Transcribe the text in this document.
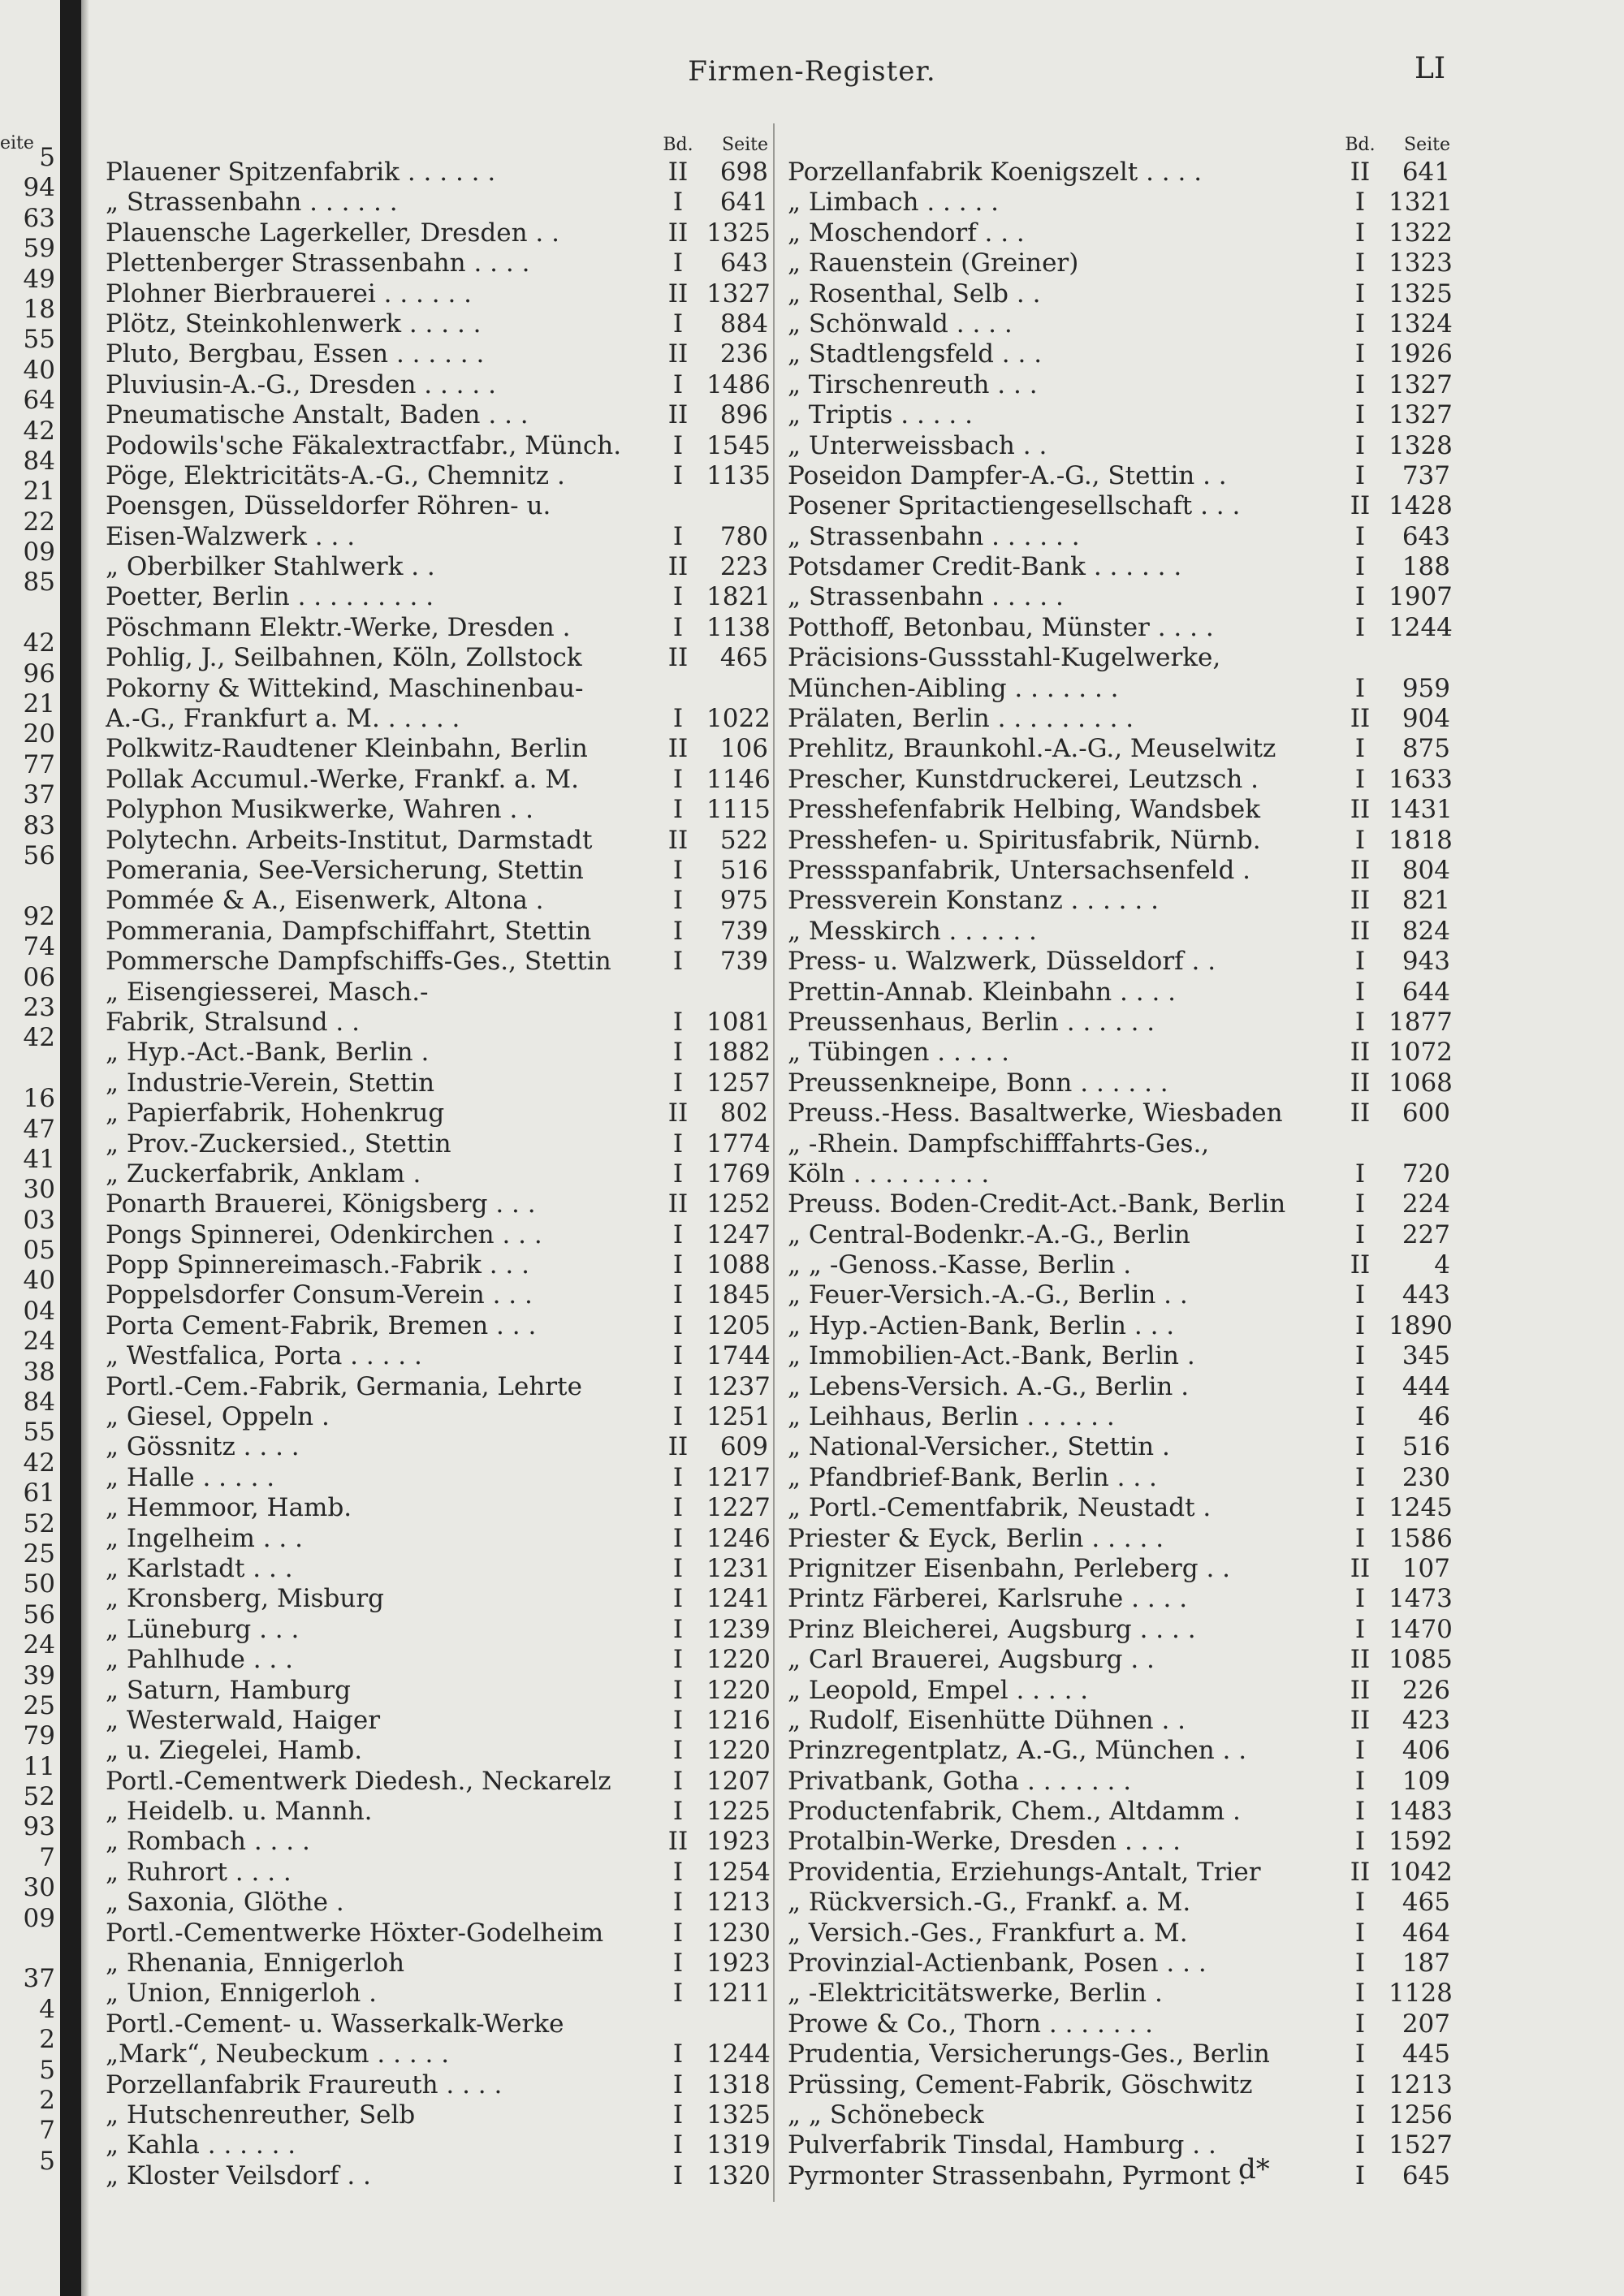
eite 5
94
63
59
49
18
55
40
64
42
84
21
22
09
85
42
96
21
20
77
37
83
56
92
74
06
23
42
16
47
41
30
03
05
40
04
24
38
84
55
42
61
52
25
50
56
24
39
25
79
11
52
93
7
30
09
37
4
2
5
2
7
5
Firmen-Register.	LI
Bd.	Seite
Plauener Spitzenfabrik . . . . . .	II	698
„ Strassenbahn . . . . . .	I	641
Plauensche Lagerkeller, Dresden . .	II 1325
Plettenberger Strassenbahn . . . .	I	643
Plohner Bierbrauerei . . . . . .	II 1327
Plötz, Steinkohlenwerk . . . . .	I	884
Pluto, Bergbau, Essen . . . . . .	II	236
Pluviusin-A.-G., Dresden . . . . .	I 1486
Pneumatische Anstalt, Baden . . .	II	896
Podowils'sche Fäkalextractfabr., Münch.	I 1545
Pöge, Elektricitäts-A.-G., Chemnitz .	I 1135
Poensgen, Düsseldorfer Röhren- u.
Eisen-Walzwerk . . .	I	780
„ Oberbilker Stahlwerk . .	II	223
Poetter, Berlin . . . . . . . . .	I 1821
Pöschmann Elektr.-Werke, Dresden .	I 1138
Pohlig, J., Seilbahnen, Köln, Zollstock	II	465
Pokorny & Wittekind, Maschinenbau-
A.-G., Frankfurt a. M. . . . . .	I 1022
Polkwitz-Raudtener Kleinbahn, Berlin	II	106
Pollak Accumul.-Werke, Frankf. a. M.	I 1146
Polyphon Musikwerke, Wahren . .	I 1115
Polytechn. Arbeits-Institut, Darmstadt	II	522
Pomerania, See-Versicherung, Stettin	I	516
Pommée & A., Eisenwerk, Altona .	I	975
Pommerania, Dampfschiffahrt, Stettin	I	739
Pommersche Dampfschiffs-Ges., Stettin	I	739
„ Eisengiesserei, Masch.-
Fabrik, Stralsund . .	I 1081
„ Hyp.-Act.-Bank, Berlin .	I 1882
„ Industrie-Verein, Stettin	I 1257
„ Papierfabrik, Hohenkrug	II	802
„ Prov.-Zuckersied., Stettin	I 1774
„ Zuckerfabrik, Anklam .	I 1769
Ponarth Brauerei, Königsberg . . .	II 1252
Pongs Spinnerei, Odenkirchen . . .	I 1247
Popp Spinnereimasch.-Fabrik . . .	I 1088
Poppelsdorfer Consum-Verein . . .	I 1845
Porta Cement-Fabrik, Bremen . . .	I 1205
„ Westfalica, Porta . . . . .	I 1744
Portl.-Cem.-Fabrik, Germania, Lehrte	I 1237
„ Giesel, Oppeln .	I 1251
„ Gössnitz . . . .	II	609
„ Halle . . . . .	I 1217
„ Hemmoor, Hamb.	I 1227
„ Ingelheim . . .	I 1246
„ Karlstadt . . .	I 1231
„ Kronsberg, Misburg	I 1241
„ Lüneburg . . .	I 1239
„ Pahlhude . . .	I 1220
„ Saturn, Hamburg	I 1220
„ Westerwald, Haiger	I 1216
„ u. Ziegelei, Hamb.	I 1220
Portl.-Cementwerk Diedesh., Neckarelz	I 1207
„ Heidelb. u. Mannh.	I 1225
„ Rombach . . . .	II 1923
„ Ruhrort . . . .	I 1254
„ Saxonia, Glöthe .	I 1213
Portl.-Cementwerke Höxter-Godelheim	I 1230
„ Rhenania, Ennigerloh	I 1923
„ Union, Ennigerloh .	I 1211
Portl.-Cement- u. Wasserkalk-Werke
„Mark“, Neubeckum . . . . .	I 1244
Porzellanfabrik Fraureuth . . . .	I 1318
„ Hutschenreuther, Selb	I 1325
„ Kahla . . . . . .	I 1319
„ Kloster Veilsdorf . .	I 1320
Bd.	Seite
Porzellanfabrik Koenigszelt . . . .	II	641
„ Limbach . . . . .	I 1321
„ Moschendorf . . .	I 1322
„ Rauenstein (Greiner)	I 1323
„ Rosenthal, Selb . .	I 1325
„ Schönwald . . . .	I 1324
„ Stadtlengsfeld . . .	I 1926
„ Tirschenreuth . . .	I 1327
„ Triptis . . . . .	I 1327
„ Unterweissbach . .	I 1328
Poseidon Dampfer-A.-G., Stettin . .	I	737
Posener Spritactiengesellschaft . . .	II 1428
„ Strassenbahn . . . . . .	I	643
Potsdamer Credit-Bank . . . . . .	I	188
„ Strassenbahn . . . . .	I 1907
Potthoff, Betonbau, Münster . . . .	I 1244
Präcisions-Gussstahl-Kugelwerke,
München-Aibling . . . . . . .	I	959
Prälaten, Berlin . . . . . . . . .	II	904
Prehlitz, Braunkohl.-A.-G., Meuselwitz	I	875
Prescher, Kunstdruckerei, Leutzsch .	I 1633
Presshefenfabrik Helbing, Wandsbek	II 1431
Presshefen- u. Spiritusfabrik, Nürnb.	I 1818
Pressspanfabrik, Untersachsenfeld .	II	804
Pressverein Konstanz . . . . . .	II	821
„ Messkirch . . . . . .	II	824
Press- u. Walzwerk, Düsseldorf . .	I	943
Prettin-Annab. Kleinbahn . . . .	I	644
Preussenhaus, Berlin . . . . . .	I 1877
„ Tübingen . . . . .	II 1072
Preussenkneipe, Bonn . . . . . .	II 1068
Preuss.-Hess. Basaltwerke, Wiesbaden	II	600
„ -Rhein. Dampfschifffahrts-Ges.,
Köln . . . . . . . . .	I	720
Preuss. Boden-Credit-Act.-Bank, Berlin	I	224
„ Central-Bodenkr.-A.-G., Berlin	I	227
„ „ -Genoss.-Kasse, Berlin .	II	4
„ Feuer-Versich.-A.-G., Berlin . .	I	443
„ Hyp.-Actien-Bank, Berlin . . .	I 1890
„ Immobilien-Act.-Bank, Berlin .	I	345
„ Lebens-Versich. A.-G., Berlin .	I	444
„ Leihhaus, Berlin . . . . . .	I	46
„ National-Versicher., Stettin .	I	516
„ Pfandbrief-Bank, Berlin . . .	I	230
„ Portl.-Cementfabrik, Neustadt .	I 1245
Priester & Eyck, Berlin . . . . .	I 1586
Prignitzer Eisenbahn, Perleberg . .	II	107
Printz Färberei, Karlsruhe . . . .	I 1473
Prinz Bleicherei, Augsburg . . . .	I 1470
„ Carl Brauerei, Augsburg . .	II 1085
„ Leopold, Empel . . . . .	II	226
„ Rudolf, Eisenhütte Dühnen . .	II	423
Prinzregentplatz, A.-G., München . .	I	406
Privatbank, Gotha . . . . . . .	I	109
Productenfabrik, Chem., Altdamm .	I 1483
Protalbin-Werke, Dresden . . . .	I 1592
Providentia, Erziehungs-Antalt, Trier	II 1042
„ Rückversich.-G., Frankf. a. M.	I	465
„ Versich.-Ges., Frankfurt a. M.	I	464
Provinzial-Actienbank, Posen . . .	I	187
„ -Elektricitätswerke, Berlin .	I 1128
Prowe & Co., Thorn . . . . . . .	I	207
Prudentia, Versicherungs-Ges., Berlin	I	445
Prüssing, Cement-Fabrik, Göschwitz	I 1213
„ „ Schönebeck	I 1256
Pulverfabrik Tinsdal, Hamburg . .	I 1527
Pyrmonter Strassenbahn, Pyrmont .	I	645
d*
